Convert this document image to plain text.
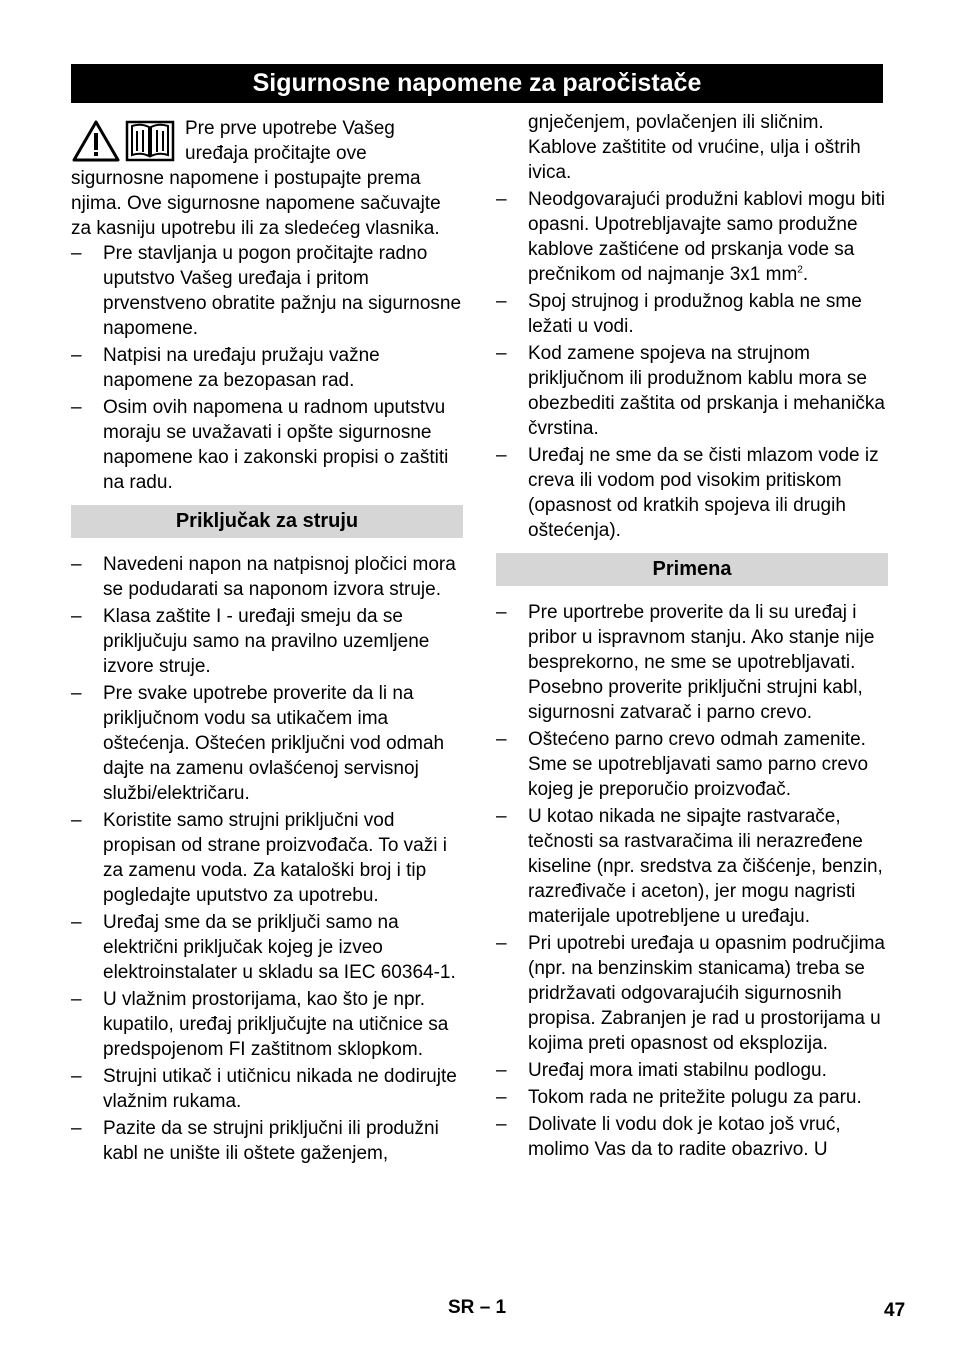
Sigurnosne napomene za paročistače

Pre prve upotrebe Vašeg uređaja pročitajte ove sigurnosne napomene i postupajte prema njima. Ove sigurnosne napomene sačuvajte za kasniju upotrebu ili za sledećeg vlasnika.

–	Pre stavljanja u pogon pročitajte radno uputstvo Vašeg uređaja i pritom prvenstveno obratite pažnju na sigurnosne napomene.
–	Natpisi na uređaju pružaju važne napomene za bezopasan rad.
–	Osim ovih napomena u radnom uputstvu moraju se uvažavati i opšte sigurnosne napomene kao i zakonski propisi o zaštiti na radu.
Priključak za struju
–	Navedeni napon na natpisnoj pločici mora se podudarati sa naponom izvora struje.
–	Klasa zaštite I - uređaji smeju da se priključuju samo na pravilno uzemljene izvore struje.
–	Pre svake upotrebe proverite da li na priključnom vodu sa utikačem ima oštećenja. Oštećen priključni vod odmah dajte na zamenu ovlašćenoj servisnoj službi/električaru.
–	Koristite samo strujni priključni vod propisan od strane proizvođača. To važi i za zamenu voda. Za kataloški broj i tip pogledajte uputstvo za upotrebu.
–	Uređaj sme da se priključi samo na električni priključak kojeg je izveo elektroinstalater u skladu sa IEC 60364-1.
–	U vlažnim prostorijama, kao što je npr. kupatilo, uređaj priključujte na utičnice sa predspojenom FI zaštitnom sklopkom.
–	Strujni utikač i utičnicu nikada ne dodirujte vlažnim rukama.
–	Pazite da se strujni priključni ili produžni kabl ne unište ili oštete gaženjem,
gnječenjem, povlačenjen ili sličnim. Kablove zaštitite od vrućine, ulja i oštrih ivica.
–	Neodgovarajući produžni kablovi mogu biti opasni. Upotrebljavajte samo produžne kablove zaštićene od prskanja vode sa prečnikom od najmanje 3x1 $mm^2$.
–	Spoj strujnog i produžnog kabla ne sme ležati u vodi.
–	Kod zamene spojeva na strujnom priključnom ili produžnom kablu mora se obezbediti zaštita od prskanja i mehanička čvrstina.
–	Uređaj ne sme da se čisti mlazom vode iz creva ili vodom pod visokim pritiskom (opasnost od kratkih spojeva ili drugih oštećenja).
Primena
–	Pre uportrebe proverite da li su uređaj i pribor u ispravnom stanju. Ako stanje nije besprekorno, ne sme se upotrebljavati. Posebno proverite priključni strujni kabl, sigurnosni zatvarač i parno crevo.
–	Oštećeno parno crevo odmah zamenite. Sme se upotrebljavati samo parno crevo kojeg je preporučio proizvođač.
–	U kotao nikada ne sipajte rastvarače, tečnosti sa rastvaračima ili nerazređene kiseline (npr. sredstva za čišćenje, benzin, razređivače i aceton), jer mogu nagristi materijale upotrebljene u uređaju.
–	Pri upotrebi uređaja u opasnim područjima (npr. na benzinskim stanicama) treba se pridržavati odgovarajućih sigurnosnih propisa. Zabranjen je rad u prostorijama u kojima preti opasnost od eksplozija.
–	Uređaj mora imati stabilnu podlogu.
–	Tokom rada ne pritežite polugu za paru.
–	Dolivate li vodu dok je kotao još vruć, molimo Vas da to radite obazrivo. U
SR – 1	47
